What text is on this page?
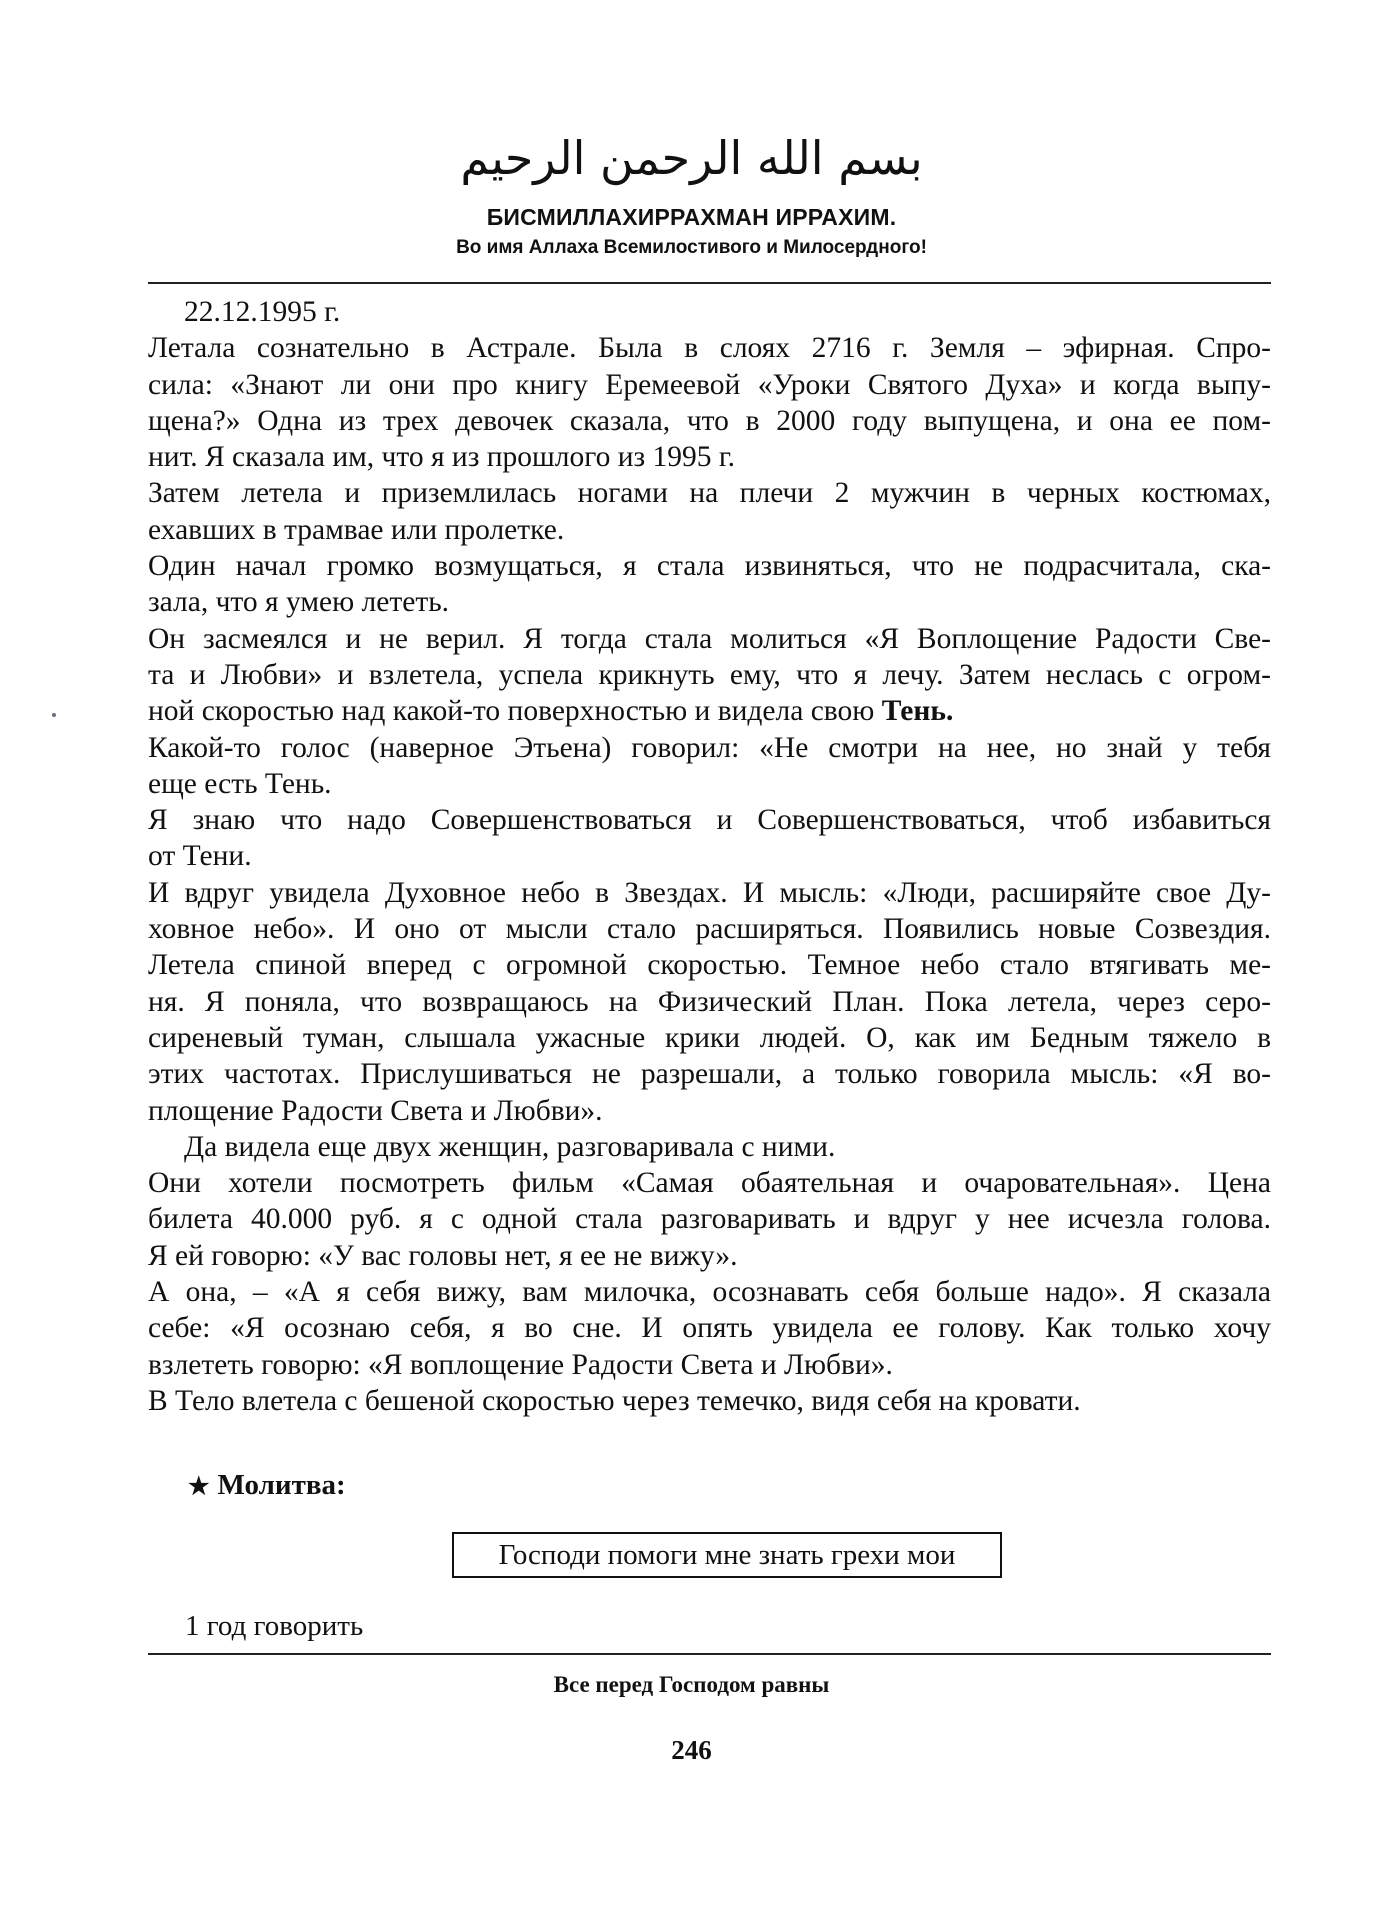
بسم الله الرحمن الرحيم
БИСМИЛЛАХИРРАХМАН ИРРАХИМ.
Во имя Аллаха Всемилостивого и Милосердного!
22.12.1995 г.
Летала сознательно в Астрале. Была в слоях 2716 г. Земля – эфирная. Спро-
сила: «Знают ли они про книгу Еремеевой «Уроки Святого Духа» и когда выпу-
щена?» Одна из трех девочек сказала, что в 2000 году выпущена, и она ее пом-
нит. Я сказала им, что я из прошлого из 1995 г.
Затем летела и приземлилась ногами на плечи 2 мужчин в черных костюмах,
ехавших в трамвае или пролетке.
Один начал громко возмущаться, я стала извиняться, что не подрасчитала, ска-
зала, что я умею лететь.
Он засмеялся и не верил. Я тогда стала молиться «Я Воплощение Радости Све-
та и Любви» и взлетела, успела крикнуть ему, что я лечу. Затем неслась с огром-
ной скоростью над какой-то поверхностью и видела свою Тень.
Какой-то голос (наверное Этьена) говорил: «Не смотри на нее, но знай у тебя
еще есть Тень.
Я знаю что надо Совершенствоваться и Совершенствоваться, чтоб избавиться
от Тени.
И вдруг увидела Духовное небо в Звездах. И мысль: «Люди, расширяйте свое Ду-
ховное небо». И оно от мысли стало расширяться. Появились новые Созвездия.
Летела спиной вперед с огромной скоростью. Темное небо стало втягивать ме-
ня. Я поняла, что возвращаюсь на Физический План. Пока летела, через серо-
сиреневый туман, слышала ужасные крики людей. О, как им Бедным тяжело в
этих частотах. Прислушиваться не разрешали, а только говорила мысль: «Я во-
площение Радости Света и Любви».
Да видела еще двух женщин, разговаривала с ними.
Они хотели посмотреть фильм «Самая обаятельная и очаровательная». Цена
билета 40.000 руб. я с одной стала разговаривать и вдруг у нее исчезла голова.
Я ей говорю: «У вас головы нет, я ее не вижу».
А она, – «А я себя вижу, вам милочка, осознавать себя больше надо». Я сказала
себе: «Я осознаю себя, я во сне. И опять увидела ее голову. Как только хочу
взлететь говорю: «Я воплощение Радости Света и Любви».
В Тело влетела с бешеной скоростью через темечко, видя себя на кровати.
★ Молитва:
Господи помоги мне знать грехи мои
1 год говорить
Все перед Господом равны
246
